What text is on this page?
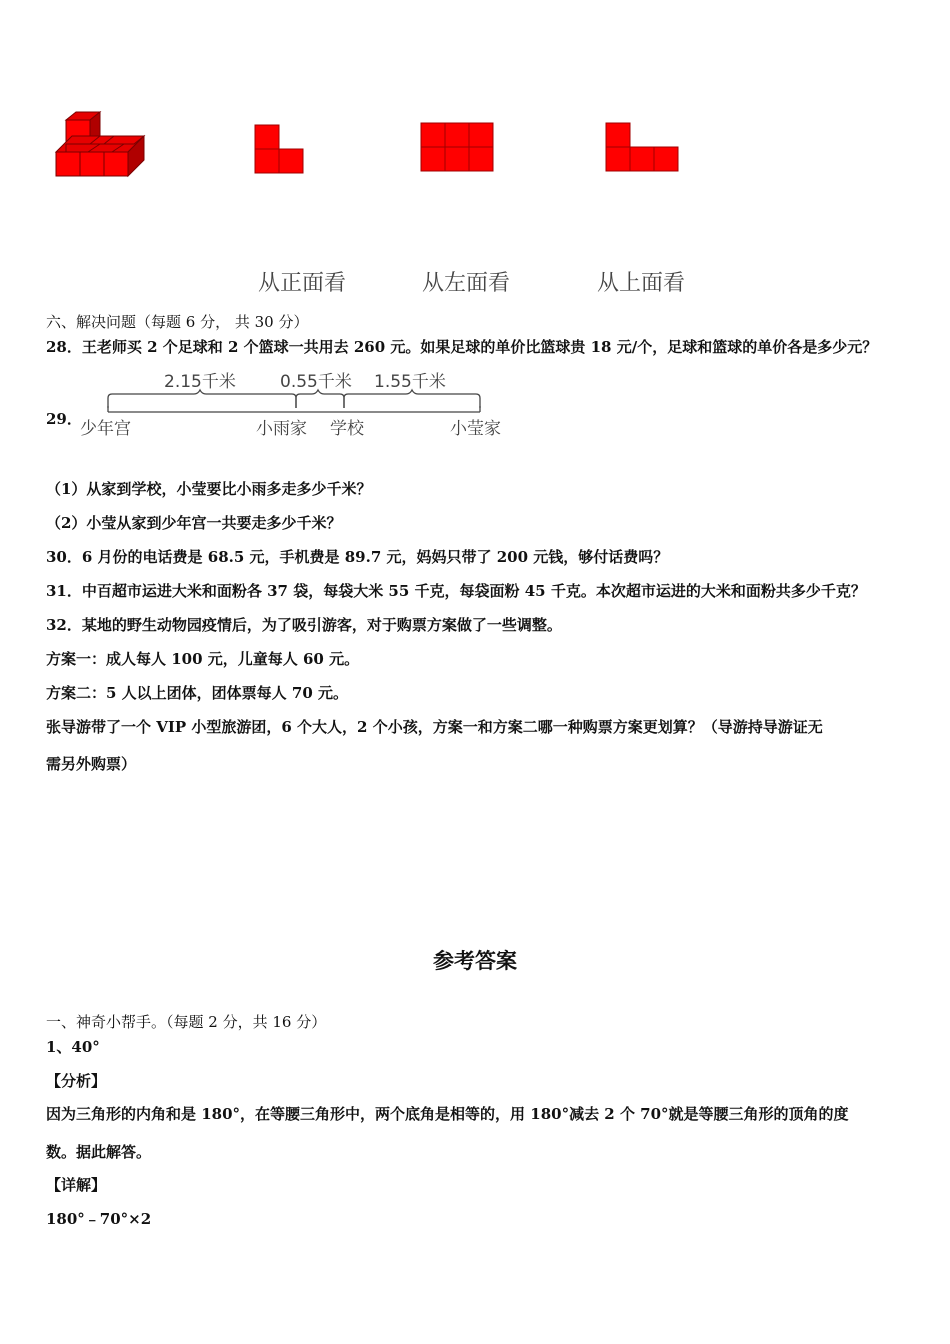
从正面看	从左面看	从上面看
六、解决问题（每题 6 分， 共 30 分）
28．王老师买 2 个足球和 2 个篮球一共用去 260 元。如果足球的单价比篮球贵 18 元/个，足球和篮球的单价各是多少元？
29．
2.15千米	0.55千米 1.55千米
少年宫	小雨家 学校	小莹家
（1）从家到学校，小莹要比小雨多走多少千米？
（2）小莹从家到少年宫一共要走多少千米？
30．6 月份的电话费是 68.5 元，手机费是 89.7 元，妈妈只带了 200 元钱，够付话费吗？
31．中百超市运进大米和面粉各 37 袋，每袋大米 55 千克，每袋面粉 45 千克。本次超市运进的大米和面粉共多少千克？
32．某地的野生动物园疫情后，为了吸引游客，对于购票方案做了一些调整。
方案一：成人每人 100 元，儿童每人 60 元。
方案二：5 人以上团体，团体票每人 70 元。
张导游带了一个 VIP 小型旅游团，6 个大人，2 个小孩，方案一和方案二哪一种购票方案更划算？（导游持导游证无
需另外购票）
参考答案
一、神奇小帮手。（每题 2 分，共 16 分）
1、40°
【分析】
因为三角形的内角和是 180°，在等腰三角形中，两个底角是相等的，用 180°减去 2 个 70°就是等腰三角形的顶角的度
数。据此解答。
【详解】
180°﹣70°×2
